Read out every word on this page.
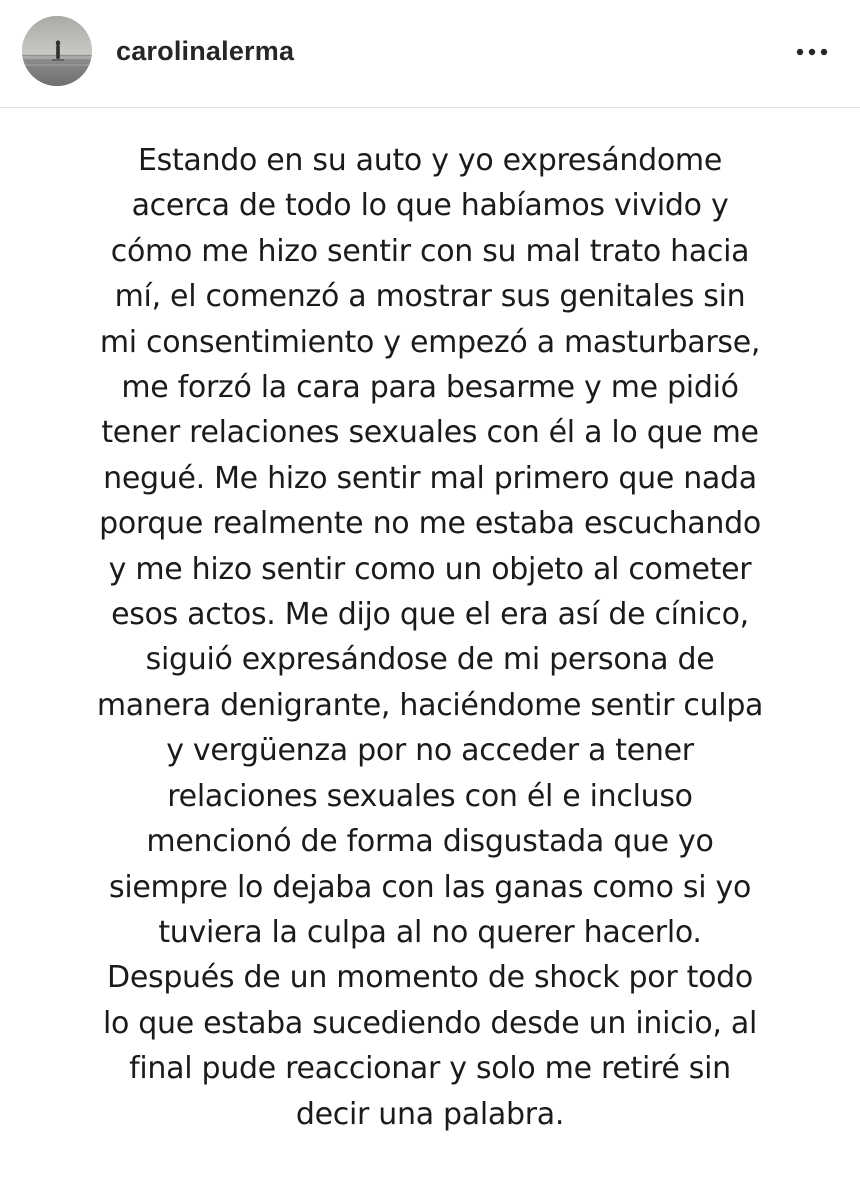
carolinalerma
Estando en su auto y yo expresándome
acerca de todo lo que habíamos vivido y
cómo me hizo sentir con su mal trato hacia
mí, el comenzó a mostrar sus genitales sin
mi consentimiento y empezó a masturbarse,
me forzó la cara para besarme y me pidió
tener relaciones sexuales con él a lo que me
negué. Me hizo sentir mal primero que nada
porque realmente no me estaba escuchando
y me hizo sentir como un objeto al cometer
esos actos. Me dijo que el era así de cínico,
siguió expresándose de mi persona de
manera denigrante, haciéndome sentir culpa
y vergüenza por no acceder a tener
relaciones sexuales con él e incluso
mencionó de forma disgustada que yo
siempre lo dejaba con las ganas como si yo
tuviera la culpa al no querer hacerlo.
Después de un momento de shock por todo
lo que estaba sucediendo desde un inicio, al
final pude reaccionar y solo me retiré sin
decir una palabra.
